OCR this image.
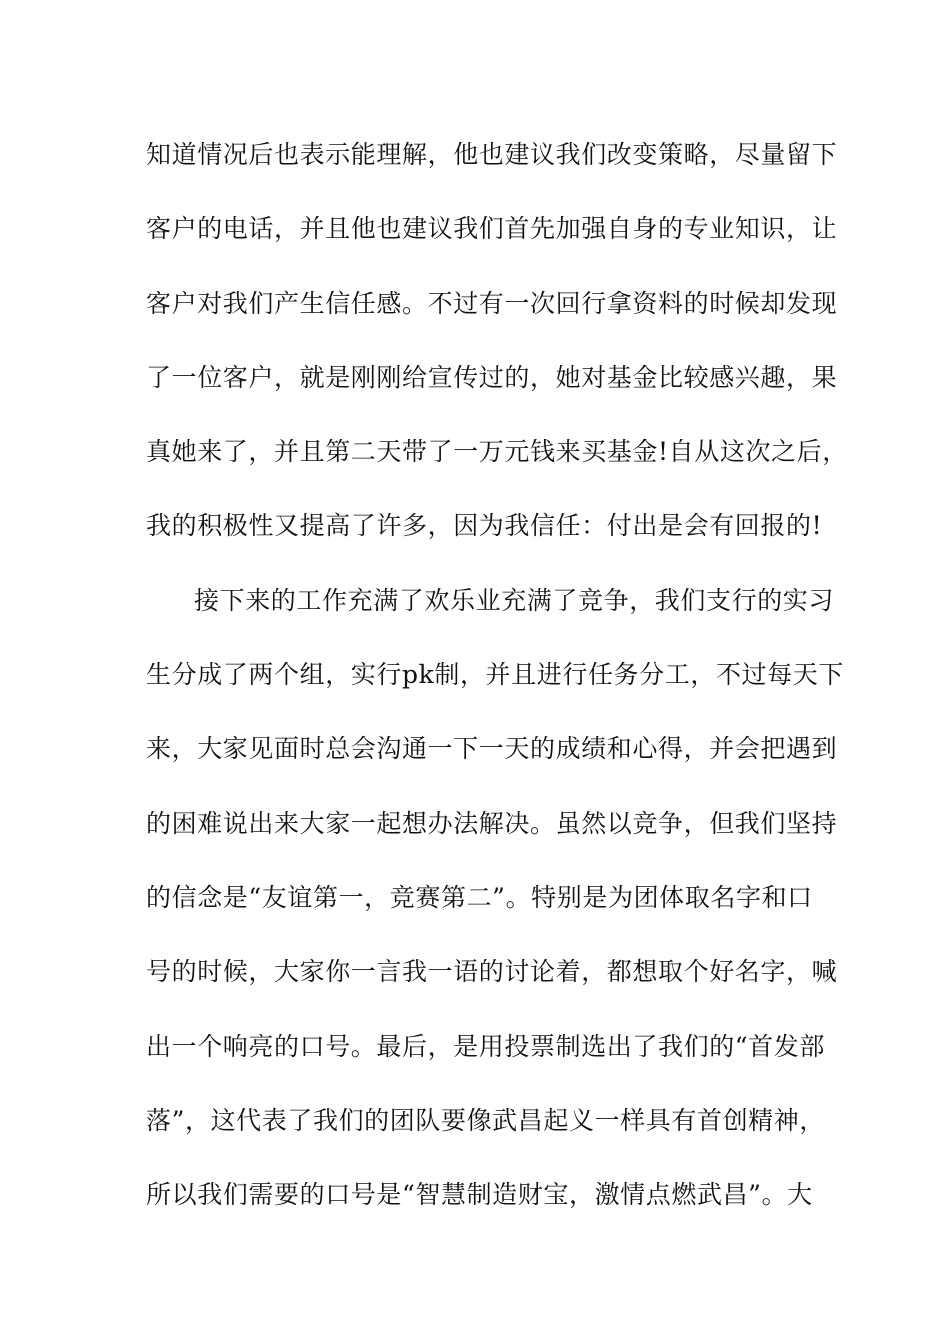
知道情况后也表示能理解，他也建议我们改变策略，尽量留下
客户的电话，并且他也建议我们首先加强自身的专业知识，让
客户对我们产生信任感。不过有一次回行拿资料的时候却发现
了一位客户，就是刚刚给宣传过的，她对基金比较感兴趣，果
真她来了，并且第二天带了一万元钱来买基金!自从这次之后，
我的积极性又提高了许多，因为我信任：付出是会有回报的!
接下来的工作充满了欢乐业充满了竞争，我们支行的实习
生分成了两个组，实行pk制，并且进行任务分工，不过每天下
来，大家见面时总会沟通一下一天的成绩和心得，并会把遇到
的困难说出来大家一起想办法解决。虽然以竞争，但我们坚持
的信念是“友谊第一，竞赛第二”。特别是为团体取名字和口
号的时候，大家你一言我一语的讨论着，都想取个好名字，喊
出一个响亮的口号。最后，是用投票制选出了我们的“首发部
落”，这代表了我们的团队要像武昌起义一样具有首创精神，
所以我们需要的口号是“智慧制造财宝，激情点燃武昌”。大
